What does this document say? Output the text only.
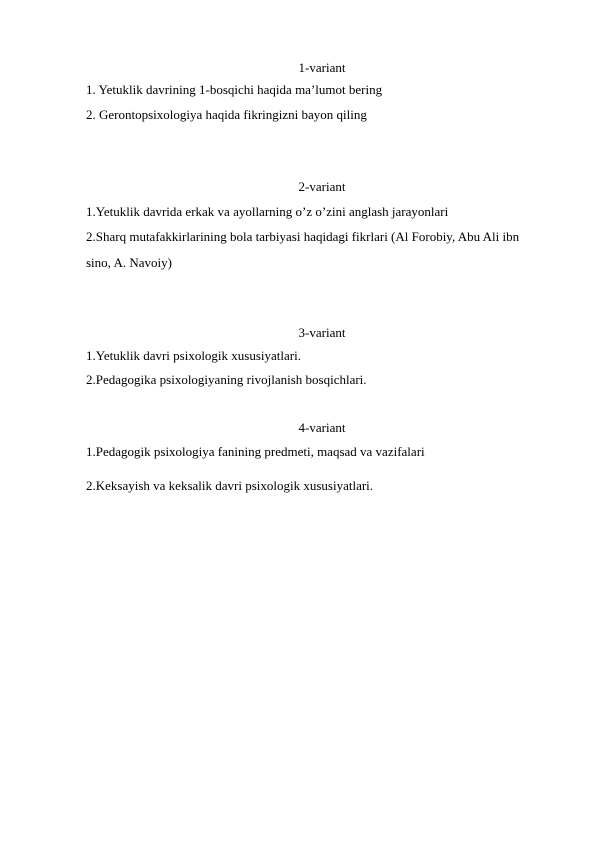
1-variant
1. Yetuklik davrining 1-bosqichi haqida ma’lumot bering
2. Gerontopsixologiya haqida fikringizni bayon qiling
2-variant
1.Yetuklik davrida erkak va ayollarning o’z o’zini anglash jarayonlari
2.Sharq mutafakkirlarining bola tarbiyasi haqidagi fikrlari (Al Forobiy, Abu Ali ibn sino, A. Navoiy)
3-variant
1.Yetuklik davri psixologik xususiyatlari.
2.Pedagogika psixologiyaning rivojlanish bosqichlari.
4-variant
1.Pedagogik psixologiya fanining predmeti, maqsad va vazifalari
2.Keksayish va keksalik davri psixologik xususiyatlari.
